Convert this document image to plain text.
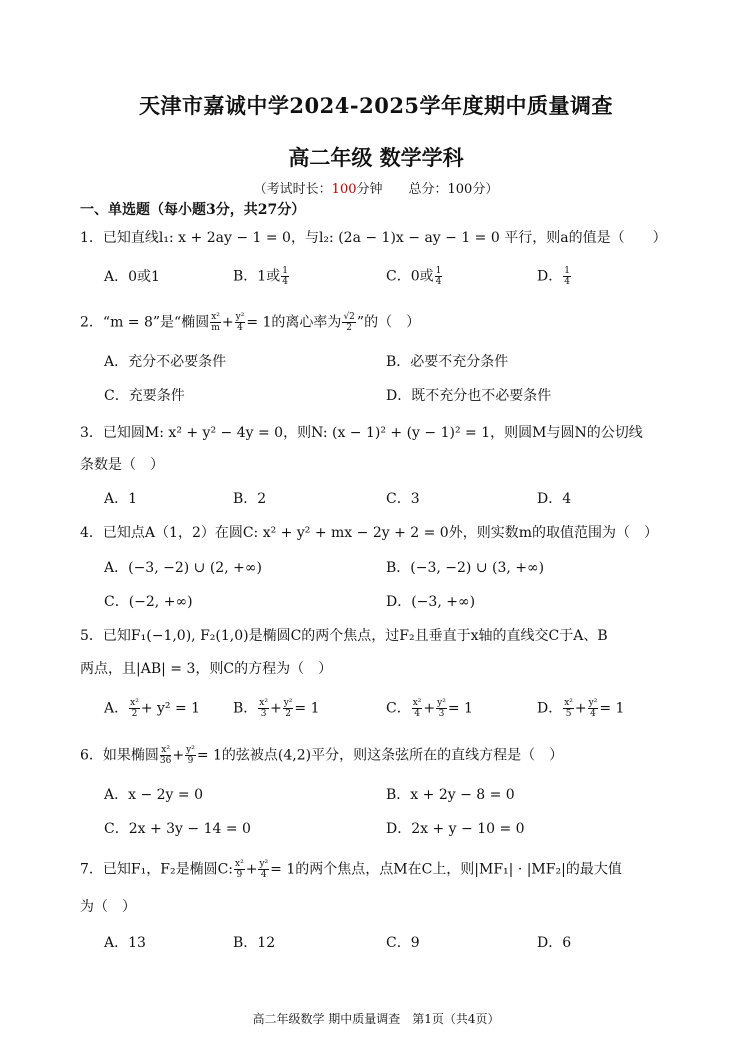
天津市嘉诚中学2024-2025学年度期中质量调查
高二年级 数学学科
（考试时长：100分钟　　总分：100分）
一、单选题（每小题3分，共27分）
1．已知直线l₁: x + 2ay − 1 = 0，与l₂: (2a − 1)x − ay − 1 = 0 平行，则a的值是（　　）
A．0或1	B．1或 $\frac{1}{4}$	C．0或 $\frac{1}{4}$	D． $\frac{1}{4}$
2．“m = 8”是“椭圆 $\frac{\text{x²}}{m} + \frac{\text{y²}}{4} = 1$的离心率为 $\frac{√2}{2}$ ”的（　）
A．充分不必要条件	B．必要不充分条件
C．充要条件	D．既不充分也不必要条件
3．已知圆M: x² + y² − 4y = 0，则N: (x − 1)² + (y − 1)² = 1，则圆M与圆N的公切线
条数是（　）
A．1	B．2	C．3	D．4
4．已知点A（1，2）在圆C: x² + y² + mx − 2y + 2 = 0外，则实数m的取值范围为（　）
A．(−3, −2) ∪ (2, +∞)	B．(−3, −2) ∪ (3, +∞)
C．(−2, +∞)	D．(−3, +∞)
5．已知F₁(−1,0), F₂(1,0)是椭圆C的两个焦点，过F₂且垂直于x轴的直线交C于A、B
两点，且|AB| = 3，则C的方程为（　）
A． $\frac{\text{x²}}{2} + y^2 = 1$ B． $\frac{\text{x²}}{3} + \frac{\text{y²}}{2} = 1$	C． $\frac{\text{x²}}{4} + \frac{\text{y²}}{3} = 1$	D． $\frac{\text{x²}}{5} + \frac{\text{y²}}{4} = 1$
6．如果椭圆 $\frac{\text{x²}}{36} + \frac{\text{y²}}{9} = 1$的弦被点(4,2)平分，则这条弦所在的直线方程是（　）
A．x − 2y = 0	B．x + 2y − 8 = 0
C．2x + 3y − 14 = 0	D．2x + y − 10 = 0
7．已知F₁，F₂是椭圆C: $\frac{\text{x²}}{9} + \frac{\text{y²}}{4} = 1$的两个焦点，点M在C上，则|MF₁| · |MF₂|的最大值
为（　）
A．13	B．12	C．9	D．6
高二年级数学 期中质量调查　第1页（共4页）
